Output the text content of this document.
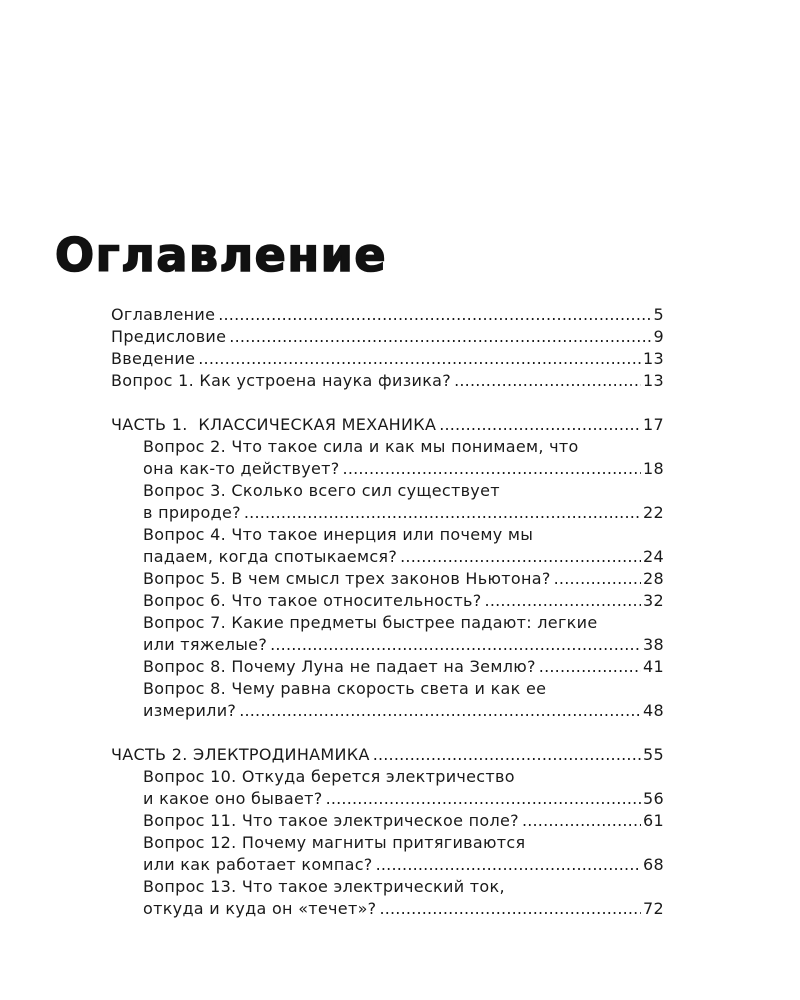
Оглавление
Оглавление .....	5
Предисловие .....	9
Введение .....	13
Вопрос 1. Как устроена наука физика? .....	13
ЧАСТЬ 1.  КЛАССИЧЕСКАЯ МЕХАНИКА .....	17
Вопрос 2. Что такое сила и как мы понимаем, что
она как-то действует? .....	18
Вопрос 3. Сколько всего сил существует
в природе? .....	22
Вопрос 4. Что такое инерция или почему мы
падаем, когда спотыкаемся? .....	24
Вопрос 5. В чем смысл трех законов Ньютона? .....	28
Вопрос 6. Что такое относительность? .....	32
Вопрос 7. Какие предметы быстрее падают: легкие
или тяжелые? .....	38
Вопрос 8. Почему Луна не падает на Землю? .....	41
Вопрос 8. Чему равна скорость света и как ее
измерили? .....	48
ЧАСТЬ 2. ЭЛЕКТРОДИНАМИКА .....	55
Вопрос 10. Откуда берется электричество
и какое оно бывает? .....	56
Вопрос 11. Что такое электрическое поле? .....	61
Вопрос 12. Почему магниты притягиваются
или как работает компас? .....	68
Вопрос 13. Что такое электрический ток,
откуда и куда он «течет»? .....	72
